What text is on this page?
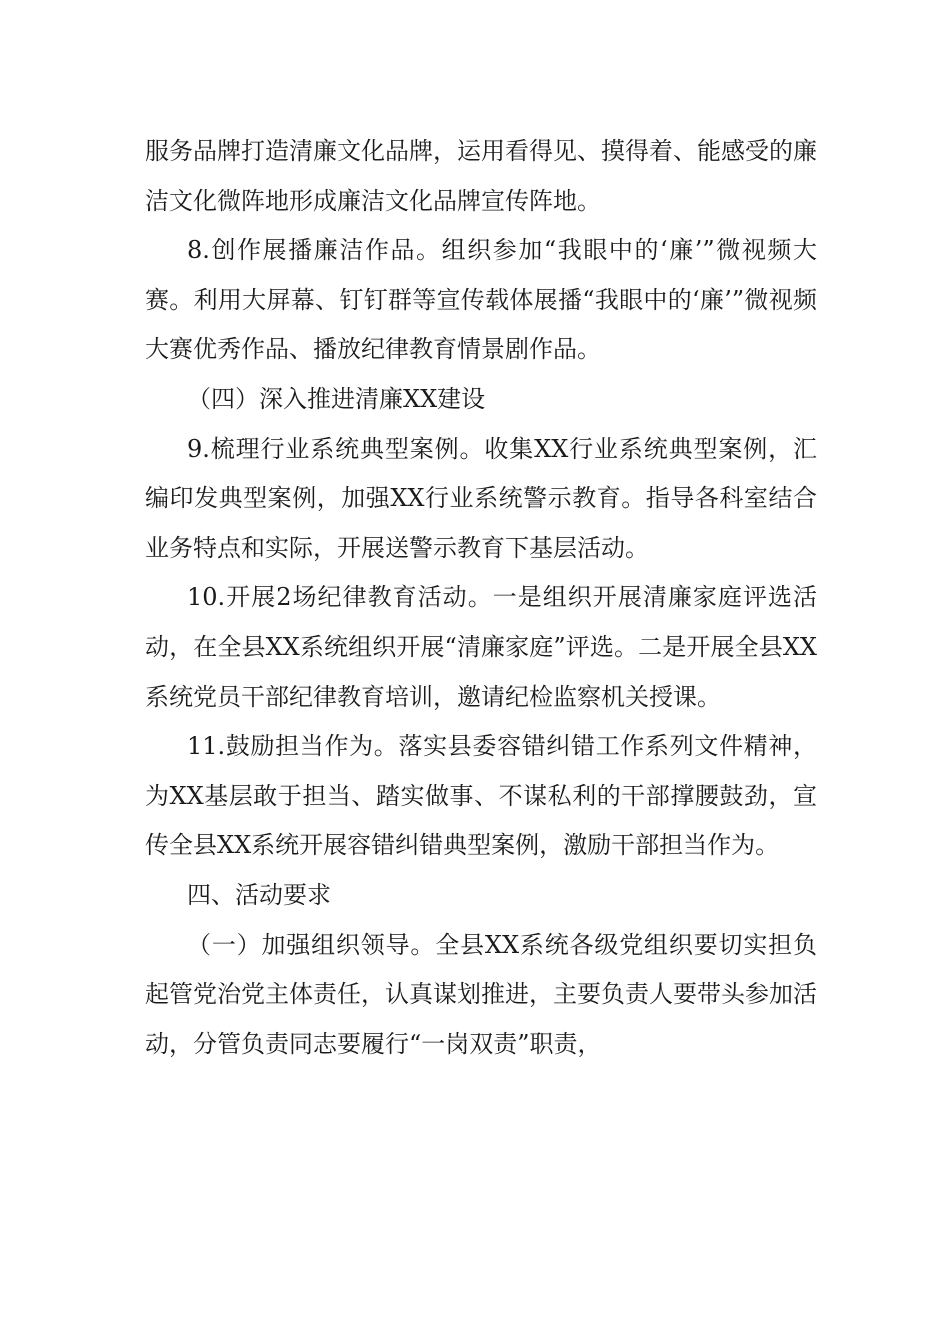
服务品牌打造清廉文化品牌，运用看得见、摸得着、能感受的廉洁文化微阵地形成廉洁文化品牌宣传阵地。

8.创作展播廉洁作品。组织参加“我眼中的‘廉’”微视频大赛。利用大屏幕、钉钉群等宣传载体展播“我眼中的‘廉’”微视频大赛优秀作品、播放纪律教育情景剧作品。

（四）深入推进清廉XX建设

9.梳理行业系统典型案例。收集XX行业系统典型案例，汇编印发典型案例，加强XX行业系统警示教育。指导各科室结合业务特点和实际，开展送警示教育下基层活动。

10.开展2场纪律教育活动。一是组织开展清廉家庭评选活动，在全县XX系统组织开展“清廉家庭”评选。二是开展全县XX系统党员干部纪律教育培训，邀请纪检监察机关授课。

11.鼓励担当作为。落实县委容错纠错工作系列文件精神，为XX基层敢于担当、踏实做事、不谋私利的干部撑腰鼓劲，宣传全县XX系统开展容错纠错典型案例，激励干部担当作为。

四、活动要求

（一）加强组织领导。全县XX系统各级党组织要切实担负起管党治党主体责任，认真谋划推进，主要负责人要带头参加活动，分管负责同志要履行“一岗双责”职责，
